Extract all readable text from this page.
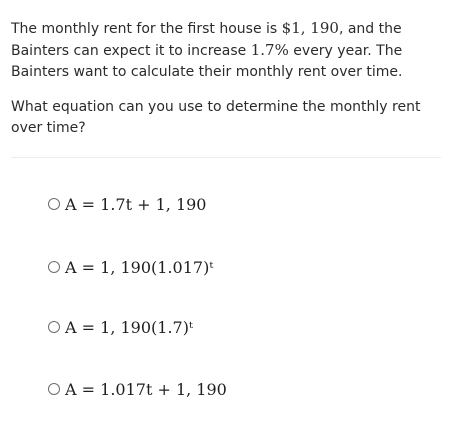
The monthly rent for the first house is $1, 190, and the Bainters can expect it to increase 1.7% every year. The Bainters want to calculate their monthly rent over time.

What equation can you use to determine the monthly rent over time?

A = 1.7t + 1, 190
A = 1, 190(1.017)ᵗ
A = 1, 190(1.7)ᵗ
A = 1.017t + 1, 190
